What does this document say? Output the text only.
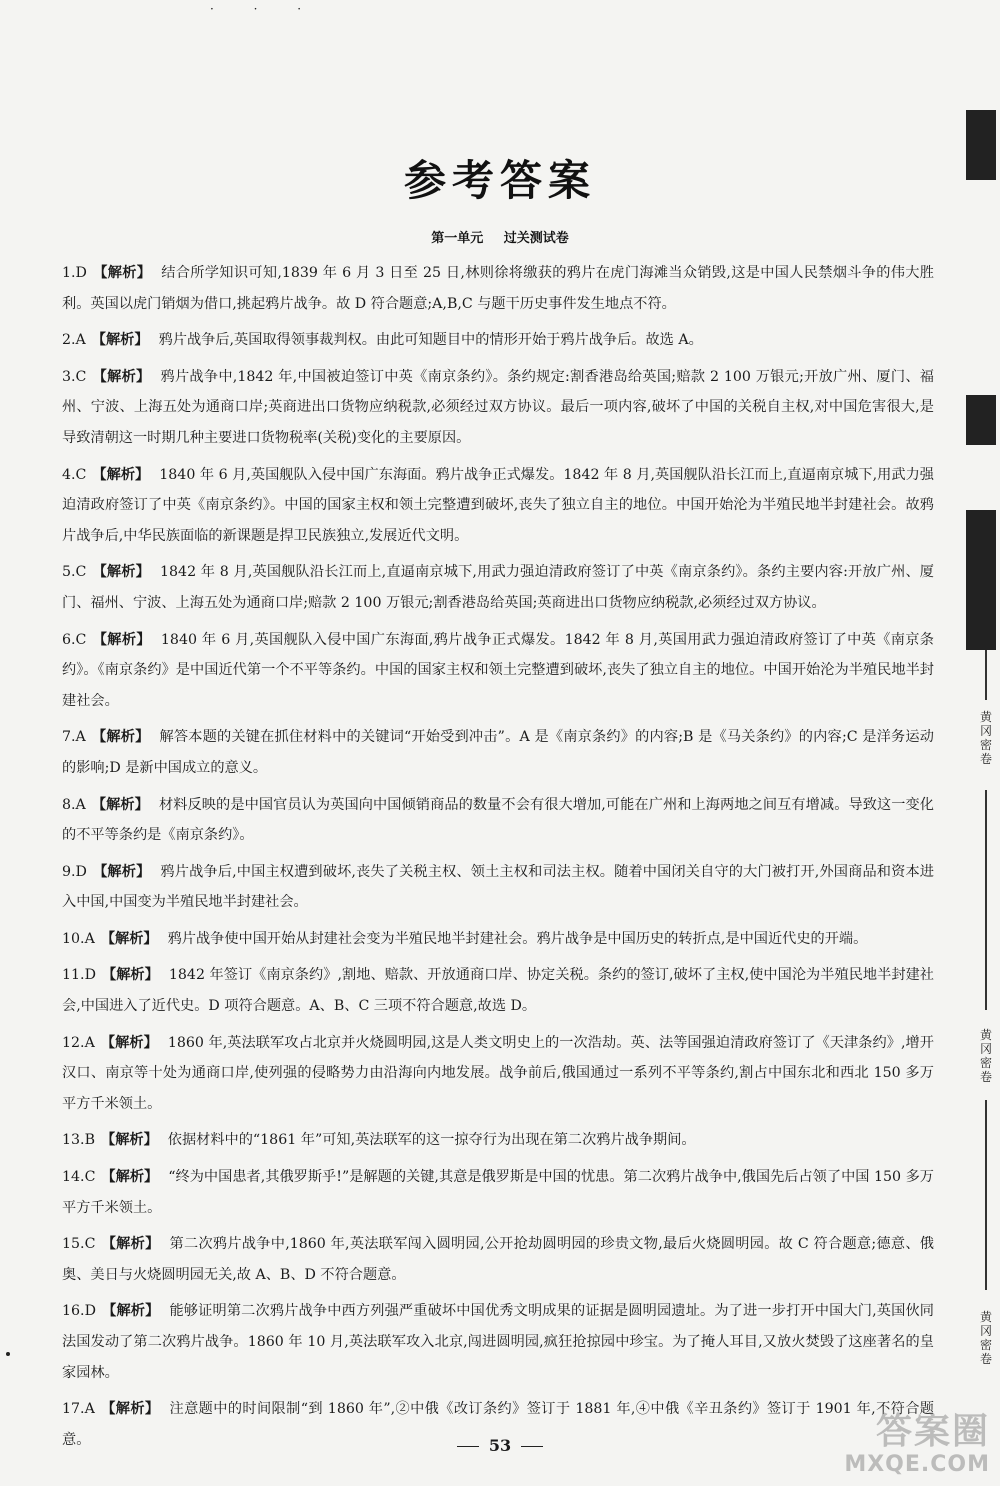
· · ·
参考答案
第一单元 过关测试卷
1.D 【解析】 结合所学知识可知,1839 年 6 月 3 日至 25 日,林则徐将缴获的鸦片在虎门海滩当众销毁,这是中国人民禁烟斗争的伟大胜利。英国以虎门销烟为借口,挑起鸦片战争。故 D 符合题意;A,B,C 与题干历史事件发生地点不符。
2.A 【解析】 鸦片战争后,英国取得领事裁判权。由此可知题目中的情形开始于鸦片战争后。故选 A。
3.C 【解析】 鸦片战争中,1842 年,中国被迫签订中英《南京条约》。条约规定:割香港岛给英国;赔款 2 100 万银元;开放广州、厦门、福州、宁波、上海五处为通商口岸;英商进出口货物应纳税款,必须经过双方协议。最后一项内容,破坏了中国的关税自主权,对中国危害很大,是导致清朝这一时期几种主要进口货物税率(关税)变化的主要原因。
4.C 【解析】 1840 年 6 月,英国舰队入侵中国广东海面。鸦片战争正式爆发。1842 年 8 月,英国舰队沿长江而上,直逼南京城下,用武力强迫清政府签订了中英《南京条约》。中国的国家主权和领土完整遭到破坏,丧失了独立自主的地位。中国开始沦为半殖民地半封建社会。故鸦片战争后,中华民族面临的新课题是捍卫民族独立,发展近代文明。
5.C 【解析】 1842 年 8 月,英国舰队沿长江而上,直逼南京城下,用武力强迫清政府签订了中英《南京条约》。条约主要内容:开放广州、厦门、福州、宁波、上海五处为通商口岸;赔款 2 100 万银元;割香港岛给英国;英商进出口货物应纳税款,必须经过双方协议。
6.C 【解析】 1840 年 6 月,英国舰队入侵中国广东海面,鸦片战争正式爆发。1842 年 8 月,英国用武力强迫清政府签订了中英《南京条约》。《南京条约》是中国近代第一个不平等条约。中国的国家主权和领土完整遭到破坏,丧失了独立自主的地位。中国开始沦为半殖民地半封建社会。
7.A 【解析】 解答本题的关键在抓住材料中的关键词“开始受到冲击”。A 是《南京条约》的内容;B 是《马关条约》的内容;C 是洋务运动的影响;D 是新中国成立的意义。
8.A 【解析】 材料反映的是中国官员认为英国向中国倾销商品的数量不会有很大增加,可能在广州和上海两地之间互有增减。导致这一变化的不平等条约是《南京条约》。
9.D 【解析】 鸦片战争后,中国主权遭到破坏,丧失了关税主权、领土主权和司法主权。随着中国闭关自守的大门被打开,外国商品和资本进入中国,中国变为半殖民地半封建社会。
10.A 【解析】 鸦片战争使中国开始从封建社会变为半殖民地半封建社会。鸦片战争是中国历史的转折点,是中国近代史的开端。
11.D 【解析】 1842 年签订《南京条约》,割地、赔款、开放通商口岸、协定关税。条约的签订,破坏了主权,使中国沦为半殖民地半封建社会,中国进入了近代史。D 项符合题意。A、B、C 三项不符合题意,故选 D。
12.A 【解析】 1860 年,英法联军攻占北京并火烧圆明园,这是人类文明史上的一次浩劫。英、法等国强迫清政府签订了《天津条约》,增开汉口、南京等十处为通商口岸,使列强的侵略势力由沿海向内地发展。战争前后,俄国通过一系列不平等条约,割占中国东北和西北 150 多万平方千米领土。
13.B 【解析】 依据材料中的“1861 年”可知,英法联军的这一掠夺行为出现在第二次鸦片战争期间。
14.C 【解析】 “终为中国患者,其俄罗斯乎!”是解题的关键,其意是俄罗斯是中国的忧患。第二次鸦片战争中,俄国先后占领了中国 150 多万平方千米领土。
15.C 【解析】 第二次鸦片战争中,1860 年,英法联军闯入圆明园,公开抢劫圆明园的珍贵文物,最后火烧圆明园。故 C 符合题意;德意、俄奥、美日与火烧圆明园无关,故 A、B、D 不符合题意。
16.D 【解析】 能够证明第二次鸦片战争中西方列强严重破坏中国优秀文明成果的证据是圆明园遗址。为了进一步打开中国大门,英国伙同法国发动了第二次鸦片战争。1860 年 10 月,英法联军攻入北京,闯进圆明园,疯狂抢掠园中珍宝。为了掩人耳目,又放火焚毁了这座著名的皇家园林。
17.A 【解析】 注意题中的时间限制“到 1860 年”,②中俄《改订条约》签订于 1881 年,④中俄《辛丑条约》签订于 1901 年,不符合题意。	53
黄冈密卷
黄冈密卷
黄冈密卷
答案圈
MXQE.COM
